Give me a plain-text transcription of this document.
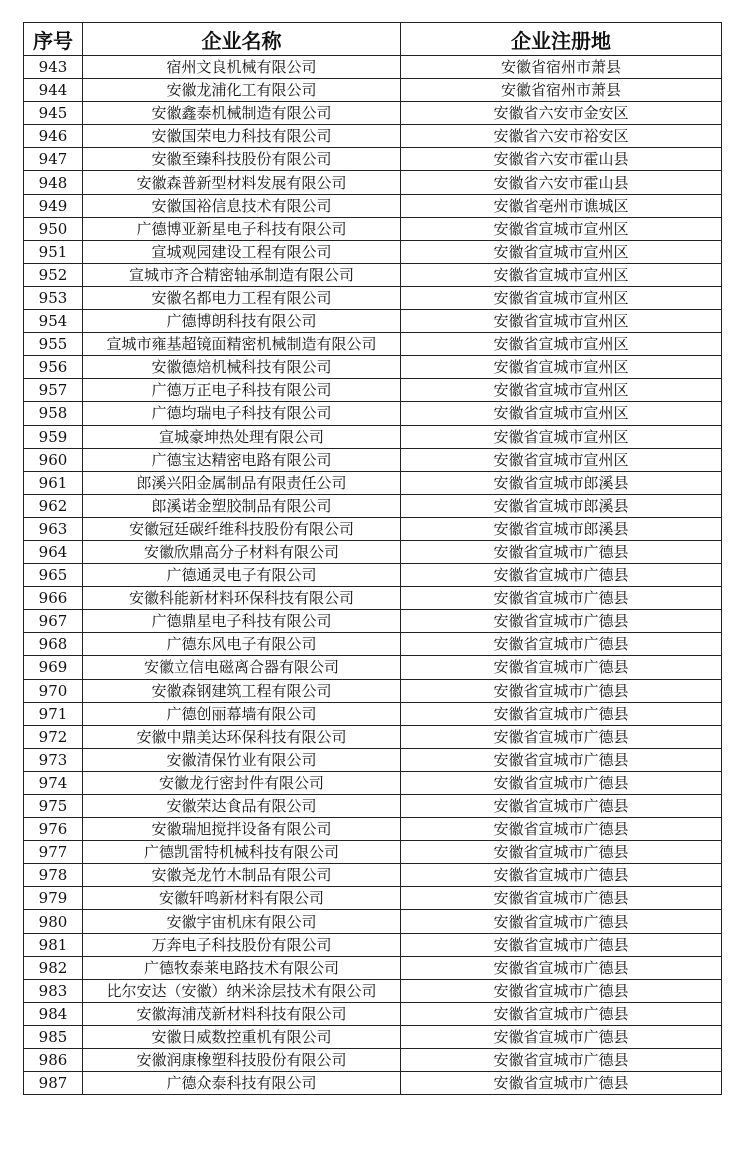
序号	企业名称	企业注册地
943	宿州文良机械有限公司	安徽省宿州市萧县
944	安徽龙浦化工有限公司	安徽省宿州市萧县
945	安徽鑫泰机械制造有限公司	安徽省六安市金安区
946	安徽国荣电力科技有限公司	安徽省六安市裕安区
947	安徽至臻科技股份有限公司	安徽省六安市霍山县
948	安徽森普新型材料发展有限公司	安徽省六安市霍山县
949	安徽国裕信息技术有限公司	安徽省亳州市谯城区
950	广德博亚新星电子科技有限公司	安徽省宣城市宣州区
951	宣城观园建设工程有限公司	安徽省宣城市宣州区
952	宣城市齐合精密轴承制造有限公司	安徽省宣城市宣州区
953	安徽名都电力工程有限公司	安徽省宣城市宣州区
954	广德博朗科技有限公司	安徽省宣城市宣州区
955	宣城市雍基超镜面精密机械制造有限公司	安徽省宣城市宣州区
956	安徽德焙机械科技有限公司	安徽省宣城市宣州区
957	广德万正电子科技有限公司	安徽省宣城市宣州区
958	广德均瑞电子科技有限公司	安徽省宣城市宣州区
959	宣城豪坤热处理有限公司	安徽省宣城市宣州区
960	广德宝达精密电路有限公司	安徽省宣城市宣州区
961	郎溪兴阳金属制品有限责任公司	安徽省宣城市郎溪县
962	郎溪诺金塑胶制品有限公司	安徽省宣城市郎溪县
963	安徽冠廷碳纤维科技股份有限公司	安徽省宣城市郎溪县
964	安徽欣鼎高分子材料有限公司	安徽省宣城市广德县
965	广德通灵电子有限公司	安徽省宣城市广德县
966	安徽科能新材料环保科技有限公司	安徽省宣城市广德县
967	广德鼎星电子科技有限公司	安徽省宣城市广德县
968	广德东风电子有限公司	安徽省宣城市广德县
969	安徽立信电磁离合器有限公司	安徽省宣城市广德县
970	安徽森钢建筑工程有限公司	安徽省宣城市广德县
971	广德创丽幕墙有限公司	安徽省宣城市广德县
972	安徽中鼎美达环保科技有限公司	安徽省宣城市广德县
973	安徽清保竹业有限公司	安徽省宣城市广德县
974	安徽龙行密封件有限公司	安徽省宣城市广德县
975	安徽荣达食品有限公司	安徽省宣城市广德县
976	安徽瑞旭搅拌设备有限公司	安徽省宣城市广德县
977	广德凯雷特机械科技有限公司	安徽省宣城市广德县
978	安徽尧龙竹木制品有限公司	安徽省宣城市广德县
979	安徽轩鸣新材料有限公司	安徽省宣城市广德县
980	安徽宇宙机床有限公司	安徽省宣城市广德县
981	万奔电子科技股份有限公司	安徽省宣城市广德县
982	广德牧泰莱电路技术有限公司	安徽省宣城市广德县
983	比尔安达（安徽）纳米涂层技术有限公司	安徽省宣城市广德县
984	安徽海浦茂新材料科技有限公司	安徽省宣城市广德县
985	安徽日威数控重机有限公司	安徽省宣城市广德县
986	安徽润康橡塑科技股份有限公司	安徽省宣城市广德县
987	广德众泰科技有限公司	安徽省宣城市广德县
